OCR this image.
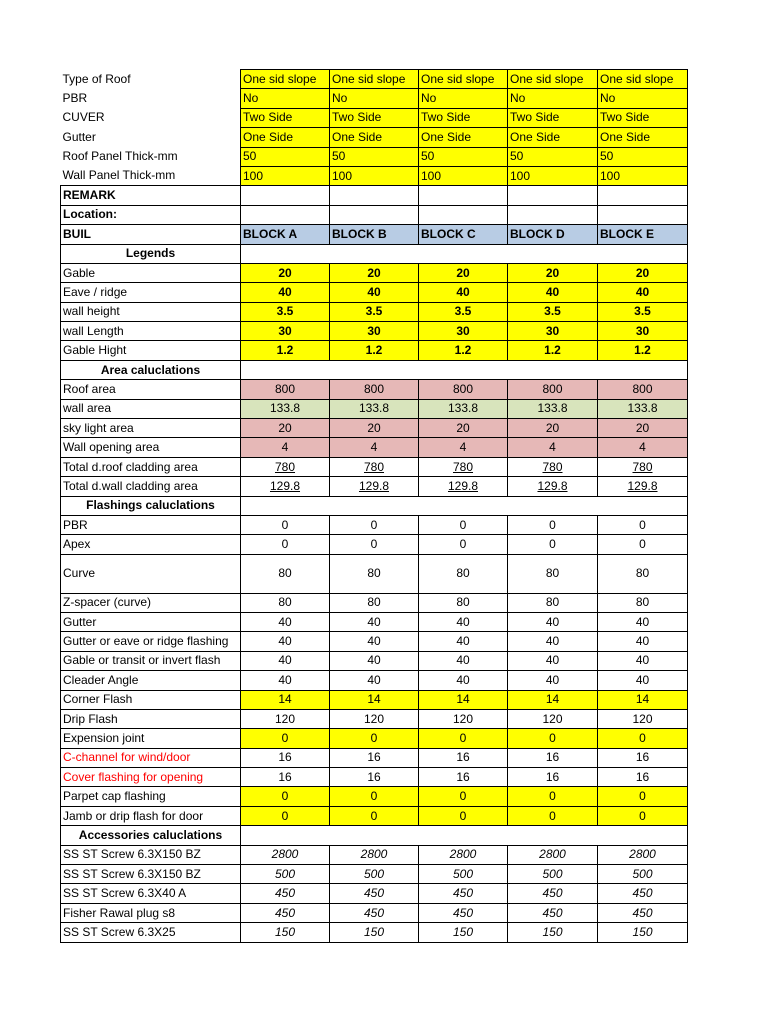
Type of Roof	One sid slope	One sid slope	One sid slope	One sid slope	One sid slope
PBR	No	No	No	No	No
CUVER	Two Side	Two Side	Two Side	Two Side	Two Side
Gutter	One Side	One Side	One Side	One Side	One Side
Roof Panel Thick-mm	50	50	50	50	50
Wall Panel Thick-mm	100	100	100	100	100
REMARK					
Location:					
BUIL	BLOCK A	BLOCK B	BLOCK C	BLOCK D	BLOCK E
Legends					
Gable	20	20	20	20	20
Eave / ridge	40	40	40	40	40
wall height	3.5	3.5	3.5	3.5	3.5
wall Length	30	30	30	30	30
Gable Hight	1.2	1.2	1.2	1.2	1.2
Area caluclations					
Roof area	800	800	800	800	800
wall area	133.8	133.8	133.8	133.8	133.8
sky light area	20	20	20	20	20
Wall opening area	4	4	4	4	4
Total d.roof cladding area	780	780	780	780	780
Total d.wall cladding area	129.8	129.8	129.8	129.8	129.8
Flashings caluclations					
PBR	0	0	0	0	0
Apex	0	0	0	0	0
Curve	80	80	80	80	80
Z-spacer (curve)	80	80	80	80	80
Gutter	40	40	40	40	40
Gutter or eave or ridge flashing	40	40	40	40	40
Gable or transit or invert flash	40	40	40	40	40
Cleader Angle	40	40	40	40	40
Corner Flash	14	14	14	14	14
Drip Flash	120	120	120	120	120
Expension joint	0	0	0	0	0
C-channel for wind/door	16	16	16	16	16
Cover flashing for opening	16	16	16	16	16
Parpet cap flashing	0	0	0	0	0
Jamb or drip flash for door	0	0	0	0	0
Accessories caluclations					
SS ST Screw 6.3X150 BZ	2800	2800	2800	2800	2800
SS ST Screw 6.3X150 BZ	500	500	500	500	500
SS ST Screw 6.3X40 A	450	450	450	450	450
Fisher Rawal plug s8	450	450	450	450	450
SS ST Screw 6.3X25	150	150	150	150	150
